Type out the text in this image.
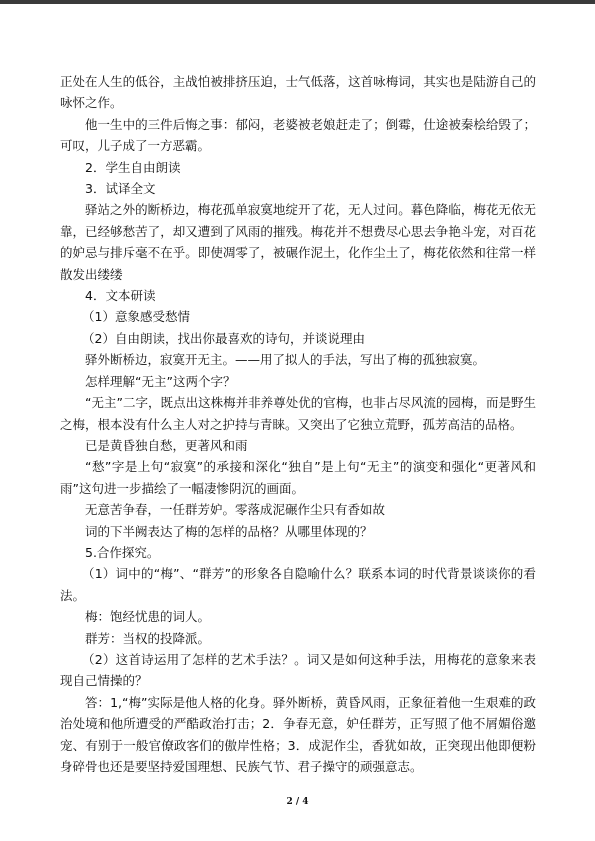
正处在人生的低谷，主战怕被排挤压迫，士气低落，这首咏梅词，其实也是陆游自己的咏怀之作。

他一生中的三件后悔之事：郁闷，老婆被老娘赶走了；倒霉，仕途被秦桧给毁了；可叹，儿子成了一方恶霸。

2．学生自由朗读

3．试译全文

驿站之外的断桥边，梅花孤单寂寞地绽开了花，无人过问。暮色降临，梅花无依无靠，已经够愁苦了，却又遭到了风雨的摧残。梅花并不想费尽心思去争艳斗宠，对百花的妒忌与排斥毫不在乎。即使凋零了，被碾作泥土，化作尘土了，梅花依然和往常一样散发出缕缕

4．文本研读

（1）意象感受愁情

（2）自由朗读，找出你最喜欢的诗句，并谈说理由

驿外断桥边，寂寞开无主。——用了拟人的手法，写出了梅的孤独寂寞。

怎样理解“无主”这两个字？

“无主”二字，既点出这株梅并非养尊处优的官梅，也非占尽风流的园梅，而是野生之梅，根本没有什么主人对之护持与青睐。又突出了它独立荒野，孤芳高洁的品格。

已是黄昏独自愁，更著风和雨

“愁”字是上句“寂寞”的承接和深化“独自”是上句“无主”的演变和强化“更著风和雨”这句进一步描绘了一幅凄惨阴沉的画面。

无意苦争春，一任群芳妒。零落成泥碾作尘只有香如故

词的下半阙表达了梅的怎样的品格？从哪里体现的？

5.合作探究。

（1）词中的“梅”、“群芳”的形象各自隐喻什么？联系本词的时代背景谈谈你的看法。

梅：饱经忧患的词人。

群芳：当权的投降派。

（2）这首诗运用了怎样的艺术手法？。词又是如何这种手法，用梅花的意象来表现自己情操的？

答：1,“梅”实际是他人格的化身。驿外断桥，黄昏风雨，正象征着他一生艰难的政治处境和他所遭受的严酷政治打击；2．争春无意，妒任群芳，正写照了他不屑媚俗邀宠、有别于一般官僚政客们的傲岸性格；3．成泥作尘，香犹如故，正突现出他即便粉身碎骨也还是要坚持爱国理想、民族气节、君子操守的顽强意志。

2 / 4
